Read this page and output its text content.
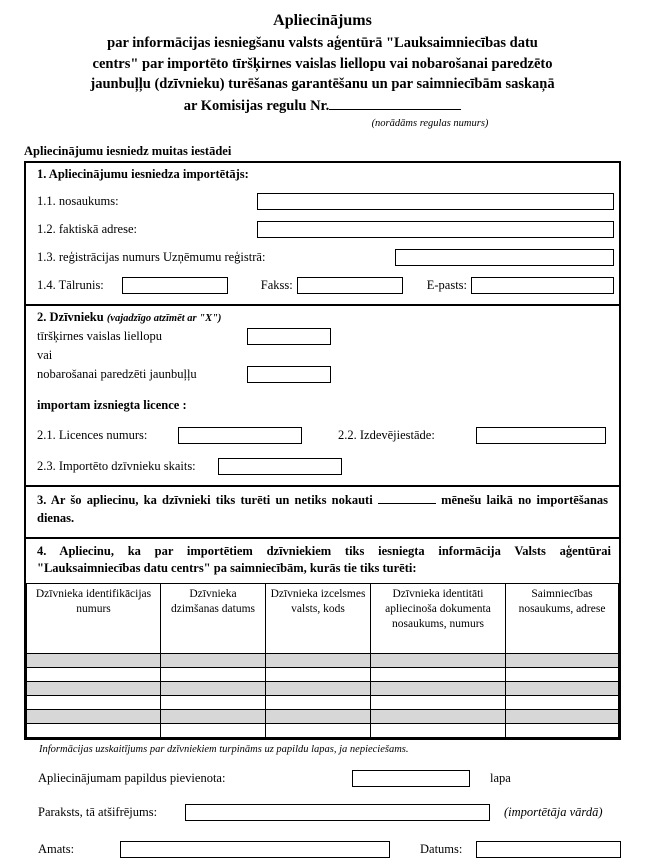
Apliecinājums
par informācijas iesniegšanu valsts aģentūrā "Lauksaimniecības datu
centrs" par importēto tīršķirnes vaislas liellopu vai nobarošanai paredzēto
jaunbuļļu (dzīvnieku) turēšanas garantēšanu un par saimniecībām saskaņā
ar Komisijas regulu Nr.
(norādāms regulas numurs)
Apliecinājumu iesniedz muitas iestādei
1. Apliecinājumu iesniedza importētājs:
1.1. nosaukums:
1.2. faktiskā adrese:
1.3. reģistrācijas numurs Uzņēmumu reģistrā:
1.4. Tālrunis:	Fakss:	E-pasts:
2. Dzīvnieku (vajadzīgo atzīmēt ar "X")
tīršķirnes vaislas liellopu
vai
nobarošanai paredzēti jaunbuļļu
importam izsniegta licence :
2.1. Licences numurs:	2.2. Izdevējiestāde:
2.3. Importēto dzīvnieku skaits:
3. Ar šo apliecinu, ka dzīvnieki tiks turēti un netiks nokauti	mēnešu laikā no importēšanas dienas.
4. Apliecinu, ka par importētiem dzīvniekiem tiks iesniegta informācija Valsts aģentūrai "Lauksaimniecības datu centrs" pa saimniecībām, kurās tie tiks turēti:
Dzīvnieka identifikācijas numurs	Dzīvnieka dzimšanas datums	Dzīvnieka izcelsmes valsts, kods	Dzīvnieka identitāti apliecinoša dokumenta nosaukums, numurs	Saimniecības nosaukums, adrese

Informācijas uzskaitījums par dzīvniekiem turpināms uz papildu lapas, ja nepieciešams.
Apliecinājumam papildus pievienota:	lapa
Paraksts, tā atšifrējums:	(importētāja vārdā)
Amats:	Datums:
